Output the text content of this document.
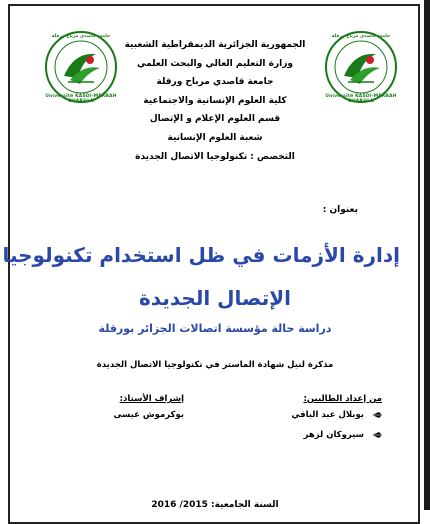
جامعة قاصدي مرباح ورقلة
Université KASDI-MERBAH OUARGLA
جامعة قاصدي مرباح ورقلة
Université KASDI-MERBAH OUARGLA
الجمهورية الجزائرية الديمقراطية الشعبية
وزارة التعليم العالي والبحث العلمي
جامعة قاصدي مرباح ورقلة
كلية العلوم الإنسانية والاجتماعية
قسم العلوم الإعلام و الإتصال
شعبة العلوم الإنسانية
التخصص : تكنولوجيا الاتصال الجديدة
بعنوان :
إدارة الأزمات في ظل استخدام تكنولوجيا
الإتصال الجديدة
دراسة حالة مؤسسة اتصالات الجزائر بورقلة
مذكرة لنيل شهادة الماستر في تكنولوجيا الاتصال الجديدة
من إعداد الطالبين:
إشراف الأستاذ:
بوبلال عبد الباقي
سيروكان لزهر
بوكرموش عيسى
السنة الجامعية: 2015/ 2016
